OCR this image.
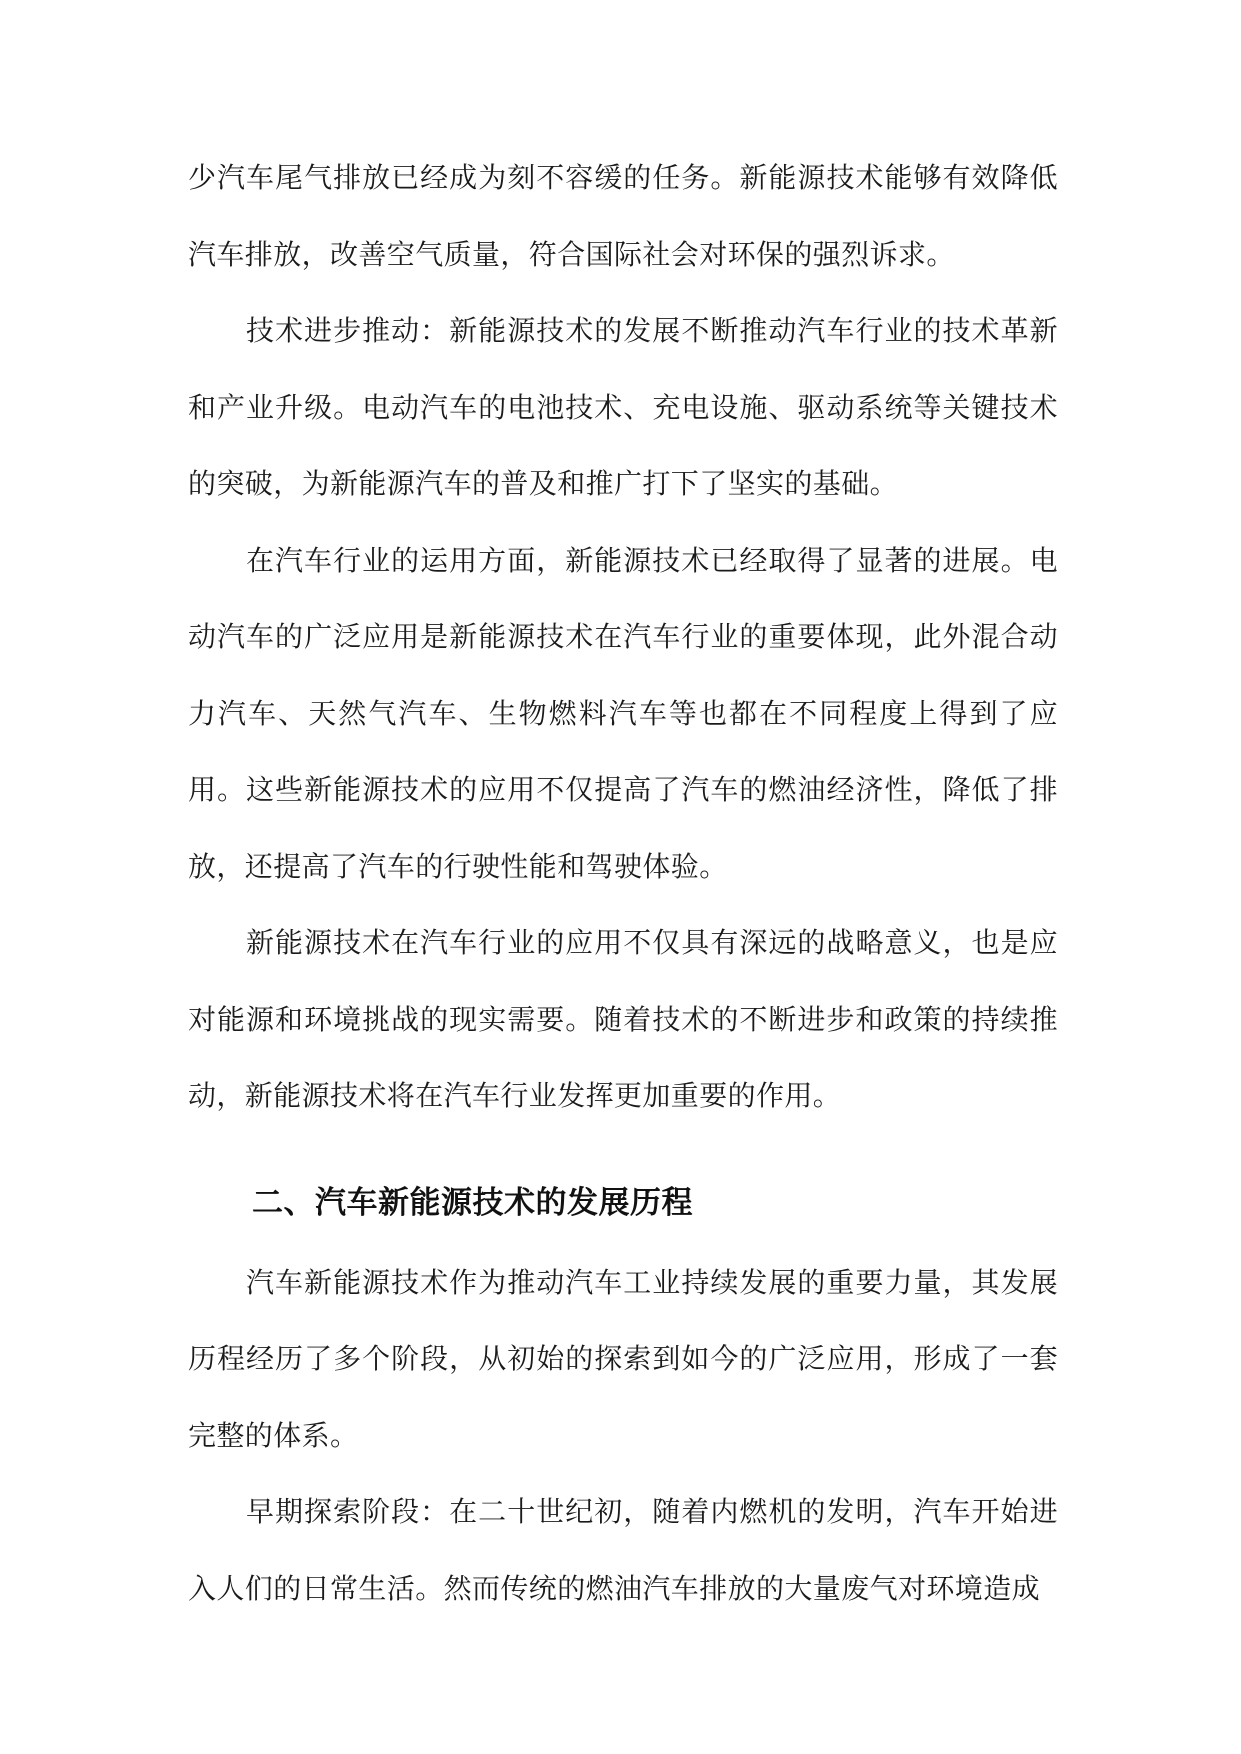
少汽车尾气排放已经成为刻不容缓的任务。新能源技术能够有效降低汽车排放，改善空气质量，符合国际社会对环保的强烈诉求。

技术进步推动：新能源技术的发展不断推动汽车行业的技术革新和产业升级。电动汽车的电池技术、充电设施、驱动系统等关键技术的突破，为新能源汽车的普及和推广打下了坚实的基础。

在汽车行业的运用方面，新能源技术已经取得了显著的进展。电动汽车的广泛应用是新能源技术在汽车行业的重要体现，此外混合动力汽车、天然气汽车、生物燃料汽车等也都在不同程度上得到了应用。这些新能源技术的应用不仅提高了汽车的燃油经济性，降低了排放，还提高了汽车的行驶性能和驾驶体验。

新能源技术在汽车行业的应用不仅具有深远的战略意义，也是应对能源和环境挑战的现实需要。随着技术的不断进步和政策的持续推动，新能源技术将在汽车行业发挥更加重要的作用。

二、汽车新能源技术的发展历程

汽车新能源技术作为推动汽车工业持续发展的重要力量，其发展历程经历了多个阶段，从初始的探索到如今的广泛应用，形成了一套完整的体系。

早期探索阶段：在二十世纪初，随着内燃机的发明，汽车开始进入人们的日常生活。然而传统的燃油汽车排放的大量废气对环境造成
